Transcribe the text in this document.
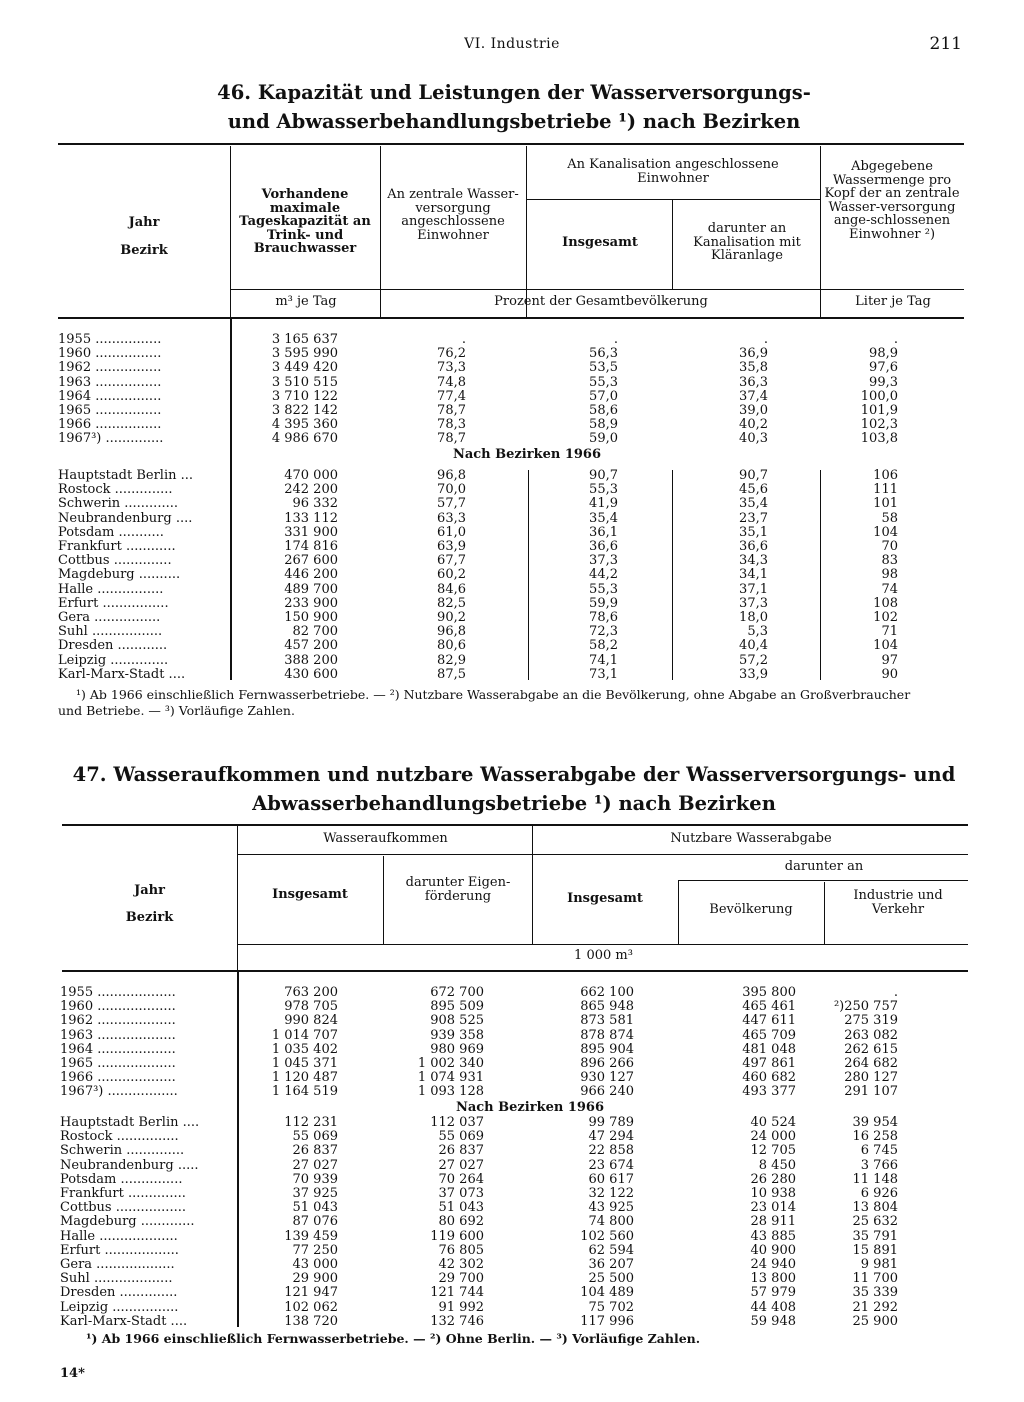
VI. Industrie	211
46. Kapazität und Leistungen der Wasserversorgungs-
und Abwasserbehandlungsbetriebe ¹) nach Bezirken
Jahr
Bezirk
Vorhandene maximale Tageskapazität an Trink- und Brauchwasser
An zentrale Wasser-versorgung angeschlossene Einwohner
An Kanalisation angeschlossene Einwohner
Insgesamt
darunter an Kanalisation mit Kläranlage
Abgegebene Wassermenge pro Kopf der an zentrale Wasser-versorgung ange-schlossenen Einwohner ²)
m³ je Tag	Prozent der Gesamtbevölkerung	Liter je Tag
1955 ................	3 165 637	.	.	.	.
1960 ................	3 595 990	76,2	56,3	36,9	98,9
1962 ................	3 449 420	73,3	53,5	35,8	97,6
1963 ................	3 510 515	74,8	55,3	36,3	99,3
1964 ................	3 710 122	77,4	57,0	37,4	100,0
1965 ................	3 822 142	78,7	58,6	39,0	101,9
1966 ................	4 395 360	78,3	58,9	40,2	102,3
1967³) ..............	4 986 670	78,7	59,0	40,3	103,8
Nach Bezirken 1966
Hauptstadt Berlin ...	470 000	96,8	90,7	90,7	106
Rostock ..............	242 200	70,0	55,3	45,6	111
Schwerin .............	96 332	57,7	41,9	35,4	101
Neubrandenburg ....	133 112	63,3	35,4	23,7	58
Potsdam ...........	331 900	61,0	36,1	35,1	104
Frankfurt ............	174 816	63,9	36,6	36,6	70
Cottbus ..............	267 600	67,7	37,3	34,3	83
Magdeburg ..........	446 200	60,2	44,2	34,1	98
Halle ................	489 700	84,6	55,3	37,1	74
Erfurt ................	233 900	82,5	59,9	37,3	108
Gera ................	150 900	90,2	78,6	18,0	102
Suhl .................	82 700	96,8	72,3	5,3	71
Dresden ............	457 200	80,6	58,2	40,4	104
Leipzig ..............	388 200	82,9	74,1	57,2	97
Karl-Marx-Stadt ....	430 600	87,5	73,1	33,9	90
¹) Ab 1966 einschließlich Fernwasserbetriebe. — ²) Nutzbare Wasserabgabe an die Bevölkerung, ohne Abgabe an Großverbraucher
und Betriebe. — ³) Vorläufige Zahlen.
47. Wasseraufkommen und nutzbare Wasserabgabe der Wasserversorgungs- und
Abwasserbehandlungsbetriebe ¹) nach Bezirken
Jahr
Bezirk
Wasseraufkommen	Nutzbare Wasserabgabe
Insgesamt
darunter Eigen-förderung	Insgesamt
darunter an
Bevölkerung
Industrie und Verkehr
1 000 m³
1955 ...................	763 200	672 700	662 100	395 800	.
1960 ...................	978 705	895 509	865 948	465 461	²)250 757
1962 ...................	990 824	908 525	873 581	447 611	275 319
1963 ...................	1 014 707	939 358	878 874	465 709	263 082
1964 ...................	1 035 402	980 969	895 904	481 048	262 615
1965 ...................	1 045 371	1 002 340	896 266	497 861	264 682
1966 ...................	1 120 487	1 074 931	930 127	460 682	280 127
1967³) .................	1 164 519	1 093 128	966 240	493 377	291 107
Nach Bezirken 1966
Hauptstadt Berlin ....	112 231	112 037	99 789	40 524	39 954
Rostock ...............	55 069	55 069	47 294	24 000	16 258
Schwerin ..............	26 837	26 837	22 858	12 705	6 745
Neubrandenburg .....	27 027	27 027	23 674	8 450	3 766
Potsdam ...............	70 939	70 264	60 617	26 280	11 148
Frankfurt ..............	37 925	37 073	32 122	10 938	6 926
Cottbus .................	51 043	51 043	43 925	23 014	13 804
Magdeburg .............	87 076	80 692	74 800	28 911	25 632
Halle ...................	139 459	119 600	102 560	43 885	35 791
Erfurt ..................	77 250	76 805	62 594	40 900	15 891
Gera ...................	43 000	42 302	36 207	24 940	9 981
Suhl ...................	29 900	29 700	25 500	13 800	11 700
Dresden ..............	121 947	121 744	104 489	57 979	35 339
Leipzig ................	102 062	91 992	75 702	44 408	21 292
Karl-Marx-Stadt ....	138 720	132 746	117 996	59 948	25 900
¹) Ab 1966 einschließlich Fernwasserbetriebe. — ²) Ohne Berlin. — ³) Vorläufige Zahlen.
14*
